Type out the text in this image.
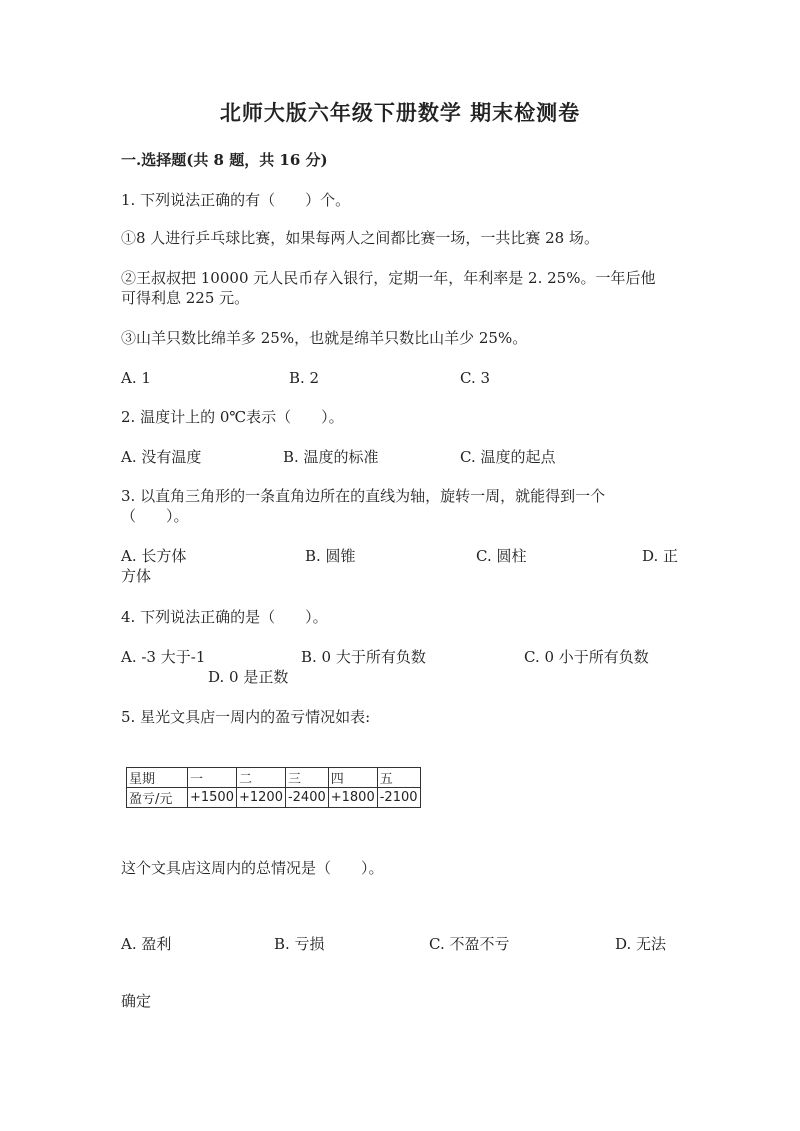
北师大版六年级下册数学 期末检测卷
一.选择题(共 8 题，共 16 分)
1. 下列说法正确的有（　　）个。
①8 人进行乒乓球比赛，如果每两人之间都比赛一场，一共比赛 28 场。
②王叔叔把 10000 元人民币存入银行，定期一年，年利率是 2. 25%。一年后他
可得利息 225 元。
③山羊只数比绵羊多 25%，也就是绵羊只数比山羊少 25%。
A. 1	B. 2	C. 3
2. 温度计上的 0℃表示（　　）。
A. 没有温度	B. 温度的标准	C. 温度的起点
3. 以直角三角形的一条直角边所在的直线为轴，旋转一周，就能得到一个
（　　）。
A. 长方体	B. 圆锥	C. 圆柱	D. 正
方体
4. 下列说法正确的是（　　）。
A. -3 大于-1	B. 0 大于所有负数	C. 0 小于所有负数
D. 0 是正数
5. 星光文具店一周内的盈亏情况如表:
星期	一	二	三	四	五
盈亏/元	+1500	+1200	-2400	+1800	-2100
这个文具店这周内的总情况是（　　）。
A. 盈利	B. 亏损	C. 不盈不亏	D. 无法
确定
